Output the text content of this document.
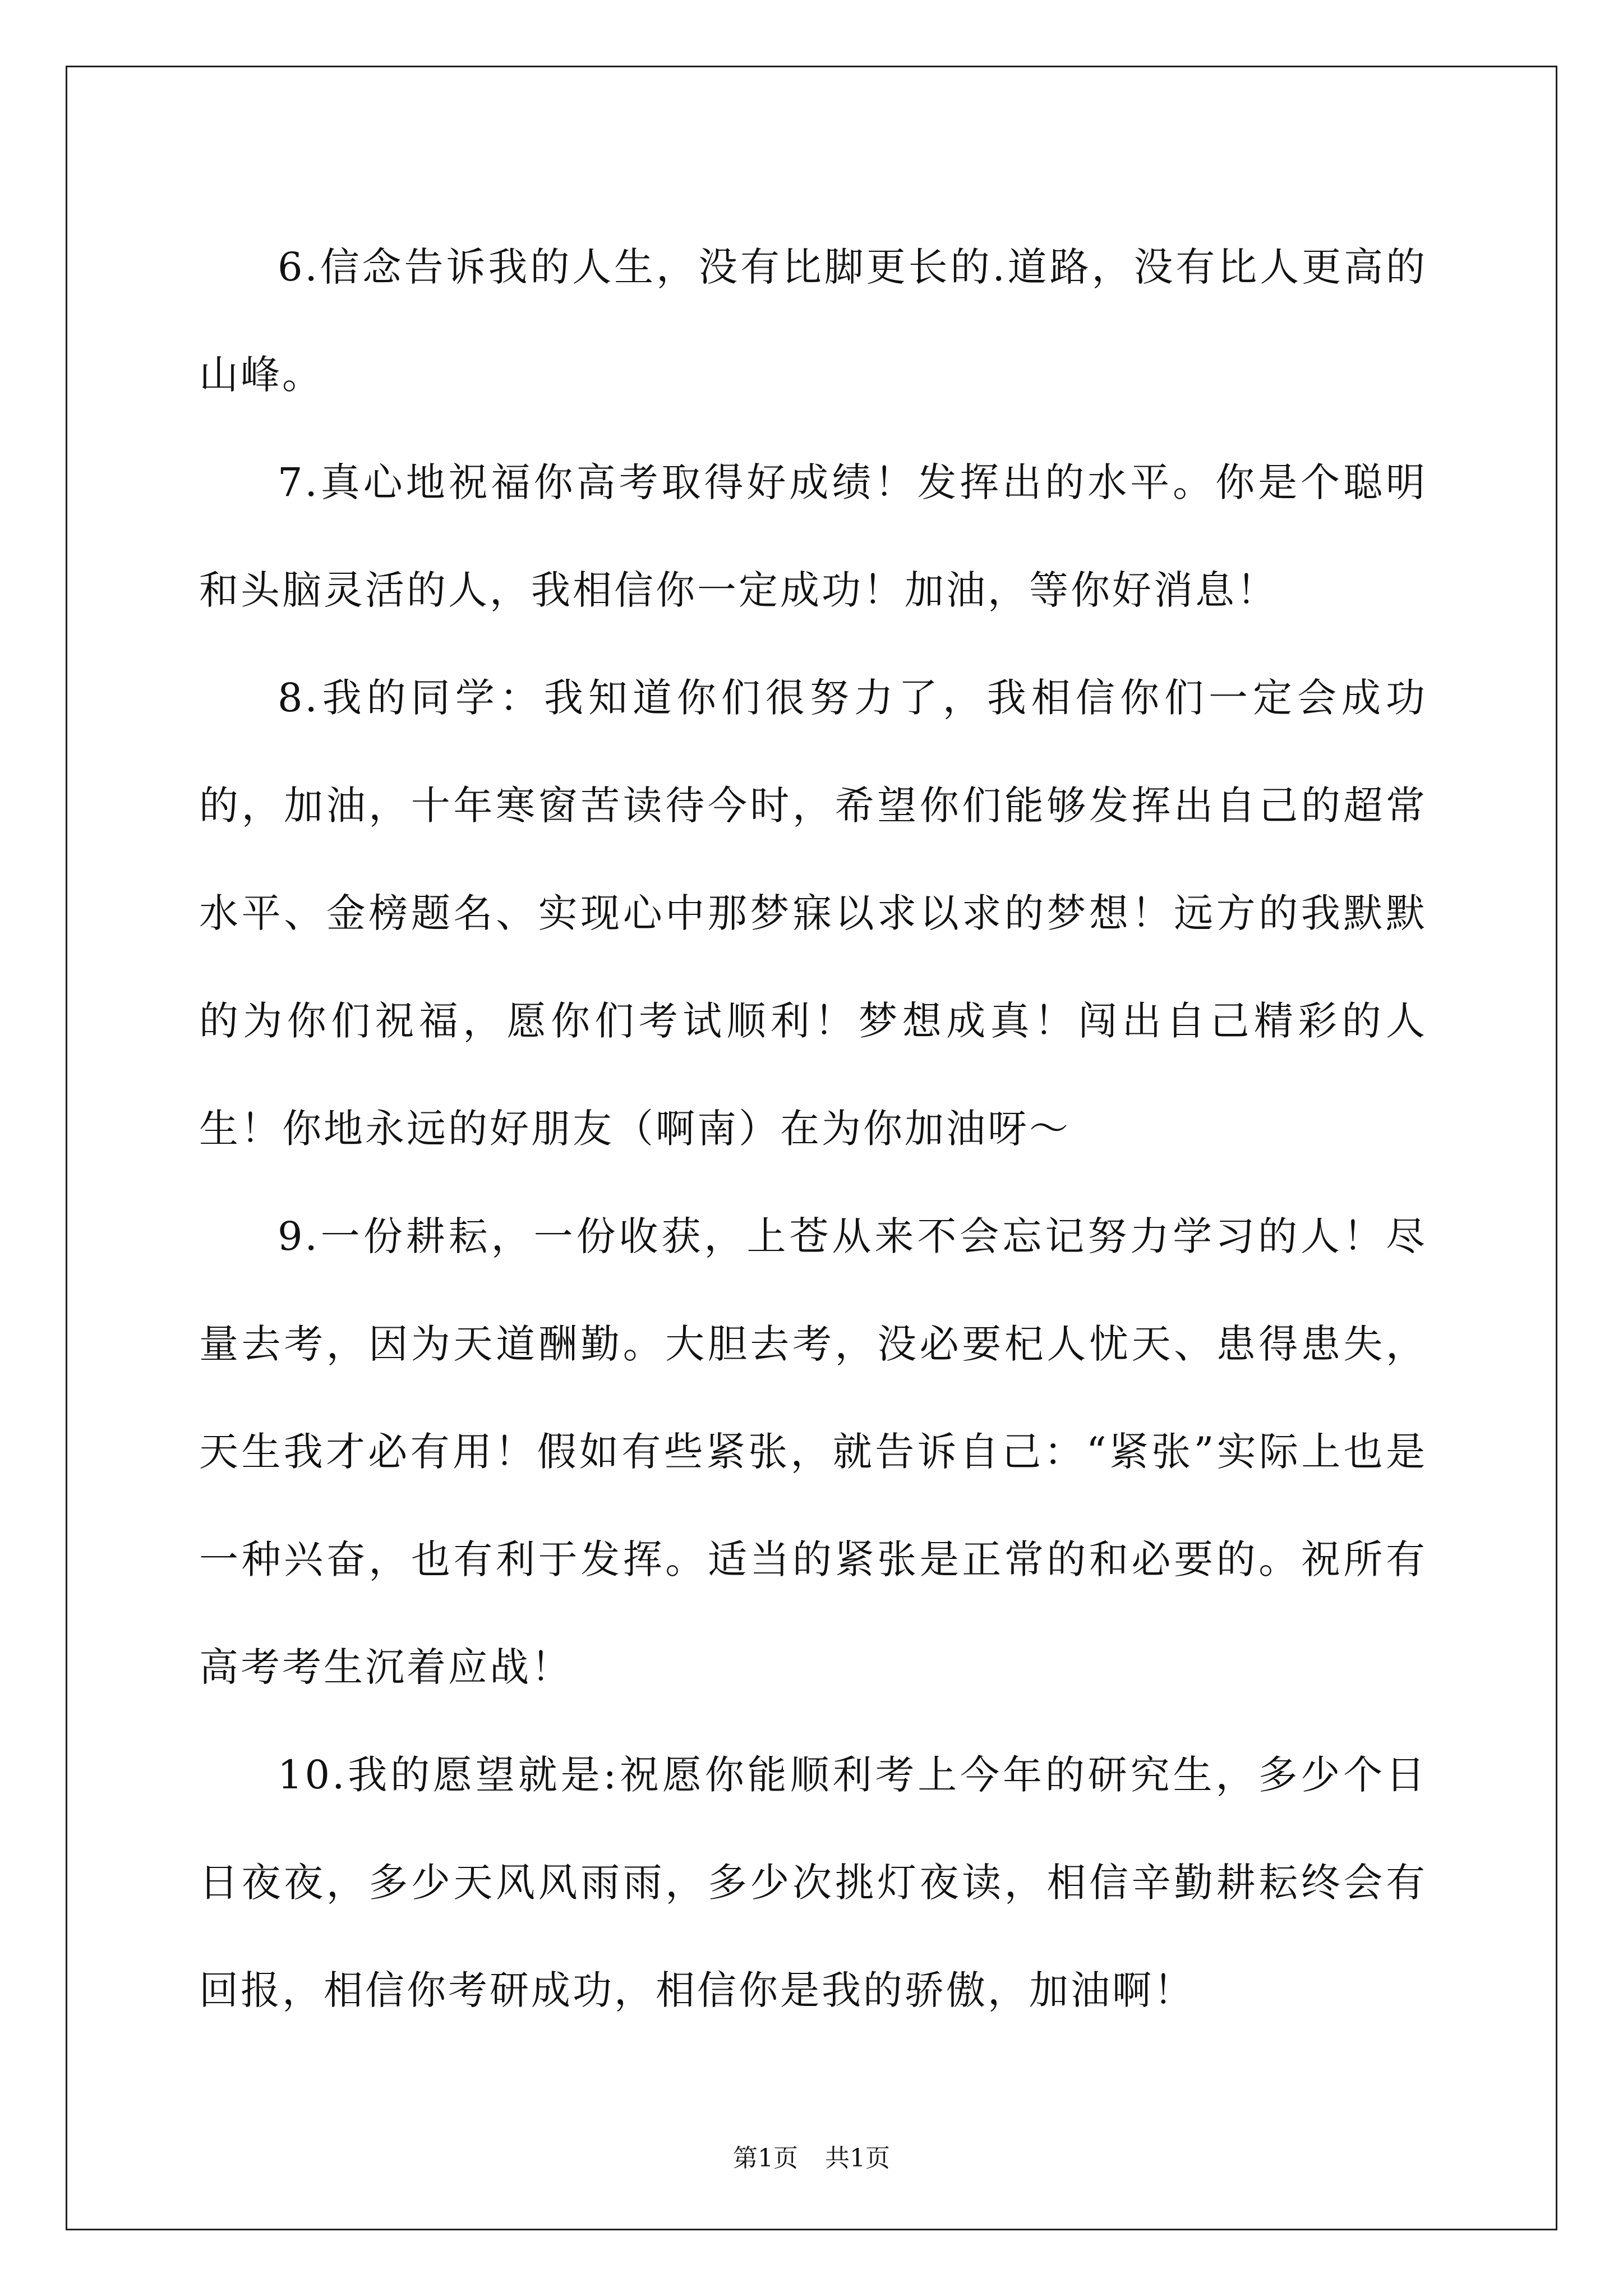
6.信念告诉我的人生，没有比脚更长的.道路，没有比人更高的山峰。

7.真心地祝福你高考取得好成绩！发挥出的水平。你是个聪明和头脑灵活的人，我相信你一定成功！加油，等你好消息！

8.我的同学：我知道你们很努力了，我相信你们一定会成功的，加油，十年寒窗苦读待今时，希望你们能够发挥出自己的超常水平、金榜题名、实现心中那梦寐以求以求的梦想！远方的我默默的为你们祝福，愿你们考试顺利！梦想成真！闯出自己精彩的人生！你地永远的好朋友（啊南）在为你加油呀～

9.一份耕耘，一份收获，上苍从来不会忘记努力学习的人！尽量去考，因为天道酬勤。大胆去考，没必要杞人忧天、患得患失，天生我才必有用！假如有些紧张，就告诉自己：“紧张”实际上也是一种兴奋，也有利于发挥。适当的紧张是正常的和必要的。祝所有高考考生沉着应战！

10.我的愿望就是:祝愿你能顺利考上今年的研究生，多少个日日夜夜，多少天风风雨雨，多少次挑灯夜读，相信辛勤耕耘终会有回报，相信你考研成功，相信你是我的骄傲，加油啊！

第1页 共1页
